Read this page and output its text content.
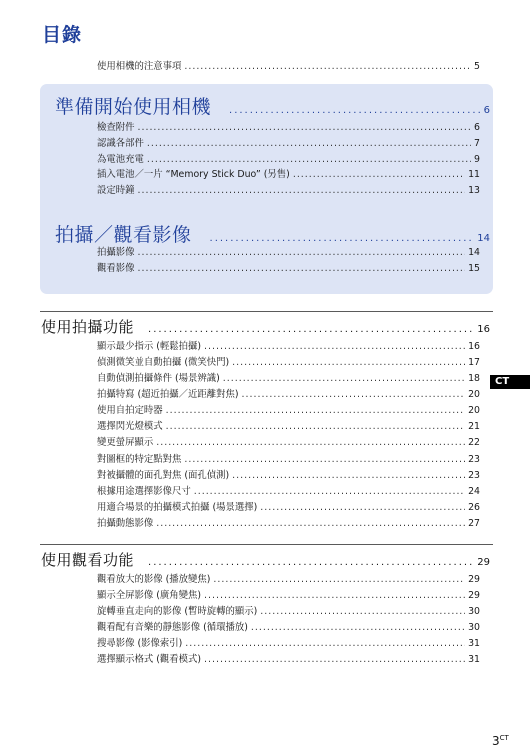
目錄
使用相機的注意事項 .....	5
準備開始使用相機 .....	6
檢查附件 .....	6
認識各部件 .....	7
為電池充電 .....	9
插入電池／一片 “Memory Stick Duo” (另售) .....	11
設定時鐘 .....	13
拍攝／觀看影像 .....	14
拍攝影像 .....	14
觀看影像 .....	15
使用拍攝功能 .....	16
顯示最少指示 (輕鬆拍攝) .....	16
偵測微笑並自動拍攝 (微笑快門) .....	17
自動偵測拍攝條件 (場景辨識) .....	18
拍攝特寫 (超近拍攝／近距離對焦) .....	20
使用自拍定時器 .....	20
選擇閃光燈模式 .....	21
變更螢屏顯示 .....	22
對圖框的特定點對焦 .....	23
對被攝體的面孔對焦 (面孔偵測) .....	23
根據用途選擇影像尺寸 .....	24
用適合場景的拍攝模式拍攝 (場景選擇) .....	26
拍攝動態影像 .....	27
使用觀看功能 .....	29
觀看放大的影像 (播放變焦) .....	29
顯示全屏影像 (廣角變焦) .....	29
旋轉垂直走向的影像 (暫時旋轉的顯示) .....	30
觀看配有音樂的靜態影像 (循環播放) .....	30
搜尋影像 (影像索引) .....	31
選擇顯示格式 (觀看模式) .....	31
CT
$3^{CT}$
